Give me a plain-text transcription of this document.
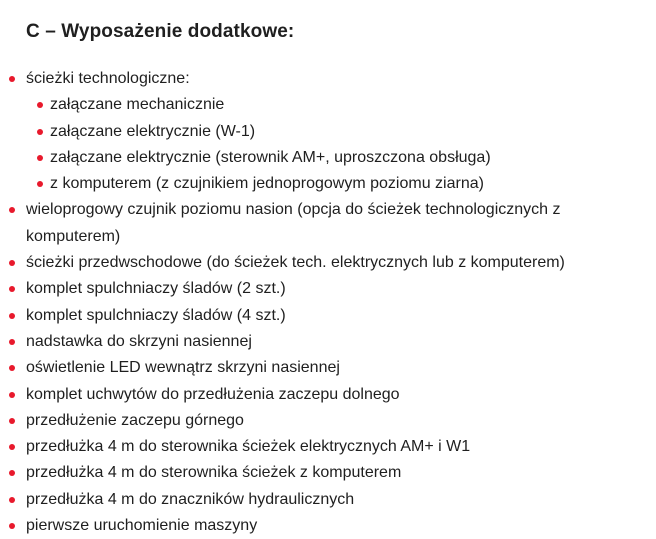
C – Wyposażenie dodatkowe:
ścieżki technologiczne:
załączane mechanicznie
załączane elektrycznie (W-1)
załączane elektrycznie (sterownik AM+, uproszczona obsługa)
z komputerem (z czujnikiem jednoprogowym poziomu ziarna)
wieloprogowy czujnik poziomu nasion (opcja do ścieżek technologicznych z komputerem)
ścieżki przedwschodowe (do ścieżek tech. elektrycznych lub z komputerem)
komplet spulchniaczy śladów (2 szt.)
komplet spulchniaczy śladów (4 szt.)
nadstawka do skrzyni nasiennej
oświetlenie LED wewnątrz skrzyni nasiennej
komplet uchwytów do przedłużenia zaczepu dolnego
przedłużenie zaczepu górnego
przedłużka 4 m do sterownika ścieżek elektrycznych AM+ i W1
przedłużka 4 m do sterownika ścieżek z komputerem
przedłużka 4 m do znaczników hydraulicznych
pierwsze uruchomienie maszyny
